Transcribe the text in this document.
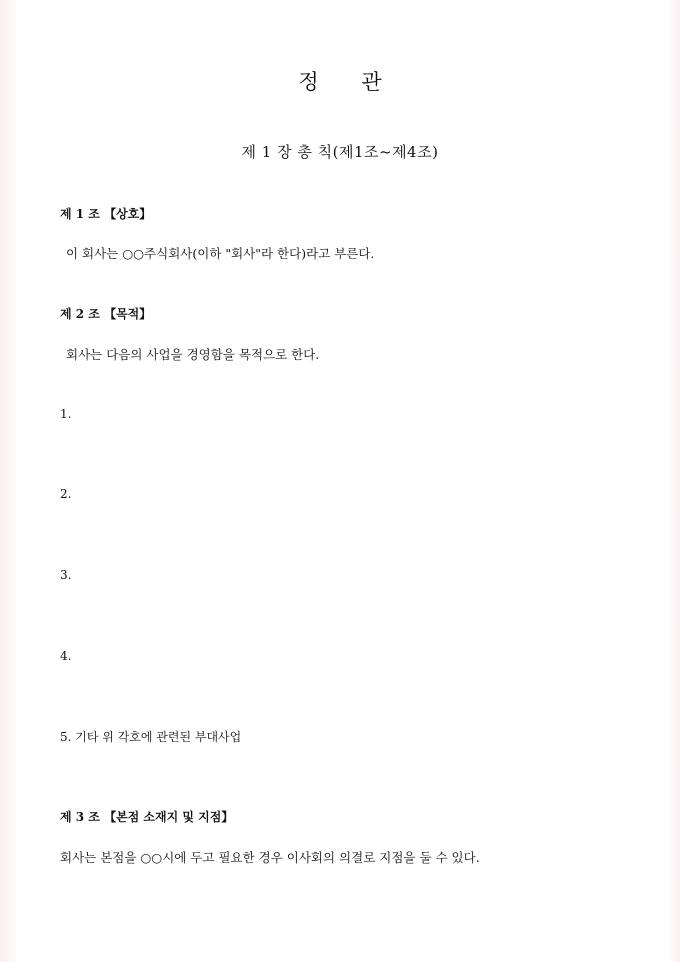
정 관
제 1 장 총 칙(제1조~제4조)
제 1 조 【상호】
이 회사는 ○○주식회사(이하 "회사"라 한다)라고 부른다.
제 2 조 【목적】
회사는 다음의 사업을 경영함을 목적으로 한다.
1.
2.
3.
4.
5. 기타 위 각호에 관련된 부대사업
제 3 조 【본점 소재지 및 지점】
회사는 본점을 ○○시에 두고 필요한 경우 이사회의 의결로 지점을 둘 수 있다.
